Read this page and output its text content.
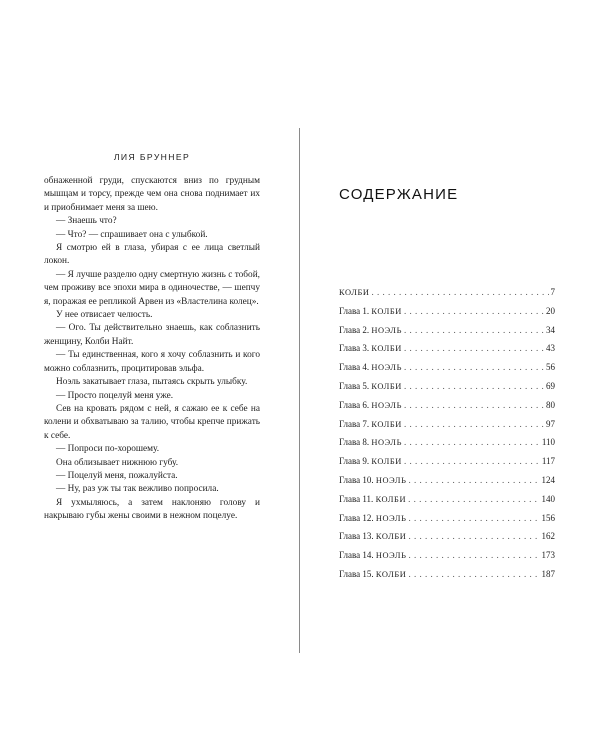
ЛИЯ БРУННЕР

обнаженной груди, спускаются вниз по грудным мышцам и торсу, прежде чем она снова поднимает их и приобнимает меня за шею.

— Знаешь что?

— Что? — спрашивает она с улыбкой.

Я смотрю ей в глаза, убирая с ее лица светлый локон.

— Я лучше разделю одну смертную жизнь с тобой, чем проживу все эпохи мира в одиночестве, — шепчу я, поражая ее репликой Арвен из «Властелина колец».

У нее отвисает челюсть.

— Ого. Ты действительно знаешь, как соблазнить женщину, Колби Найт.

— Ты единственная, кого я хочу соблазнить и кого можно соблазнить, процитировав эльфа.

Ноэль закатывает глаза, пытаясь скрыть улыбку.

— Просто поцелуй меня уже.

Сев на кровать рядом с ней, я сажаю ее к себе на колени и обхватываю за талию, чтобы крепче прижать к себе.

— Попроси по-хорошему.

Она облизывает нижнюю губу.

— Поцелуй меня, пожалуйста.

— Ну, раз уж ты так вежливо попросила.

Я ухмыляюсь, а затем наклоняю голову и накрываю губы жены своими в нежном поцелуе.

СОДЕРЖАНИЕ
КОЛБИ . . .	7
Глава 1. КОЛБИ . . .	20
Глава 2. НОЭЛЬ . . .	34
Глава 3. КОЛБИ . . .	43
Глава 4. НОЭЛЬ . . .	56
Глава 5. КОЛБИ . . .	69
Глава 6. НОЭЛЬ . . .	80
Глава 7. КОЛБИ . . .	97
Глава 8. НОЭЛЬ . . .	110
Глава 9. КОЛБИ . . .	117
Глава 10. НОЭЛЬ . . .	124
Глава 11. КОЛБИ . . .	140
Глава 12. НОЭЛЬ . . .	156
Глава 13. КОЛБИ . . .	162
Глава 14. НОЭЛЬ . . .	173
Глава 15. КОЛБИ . . .	187
